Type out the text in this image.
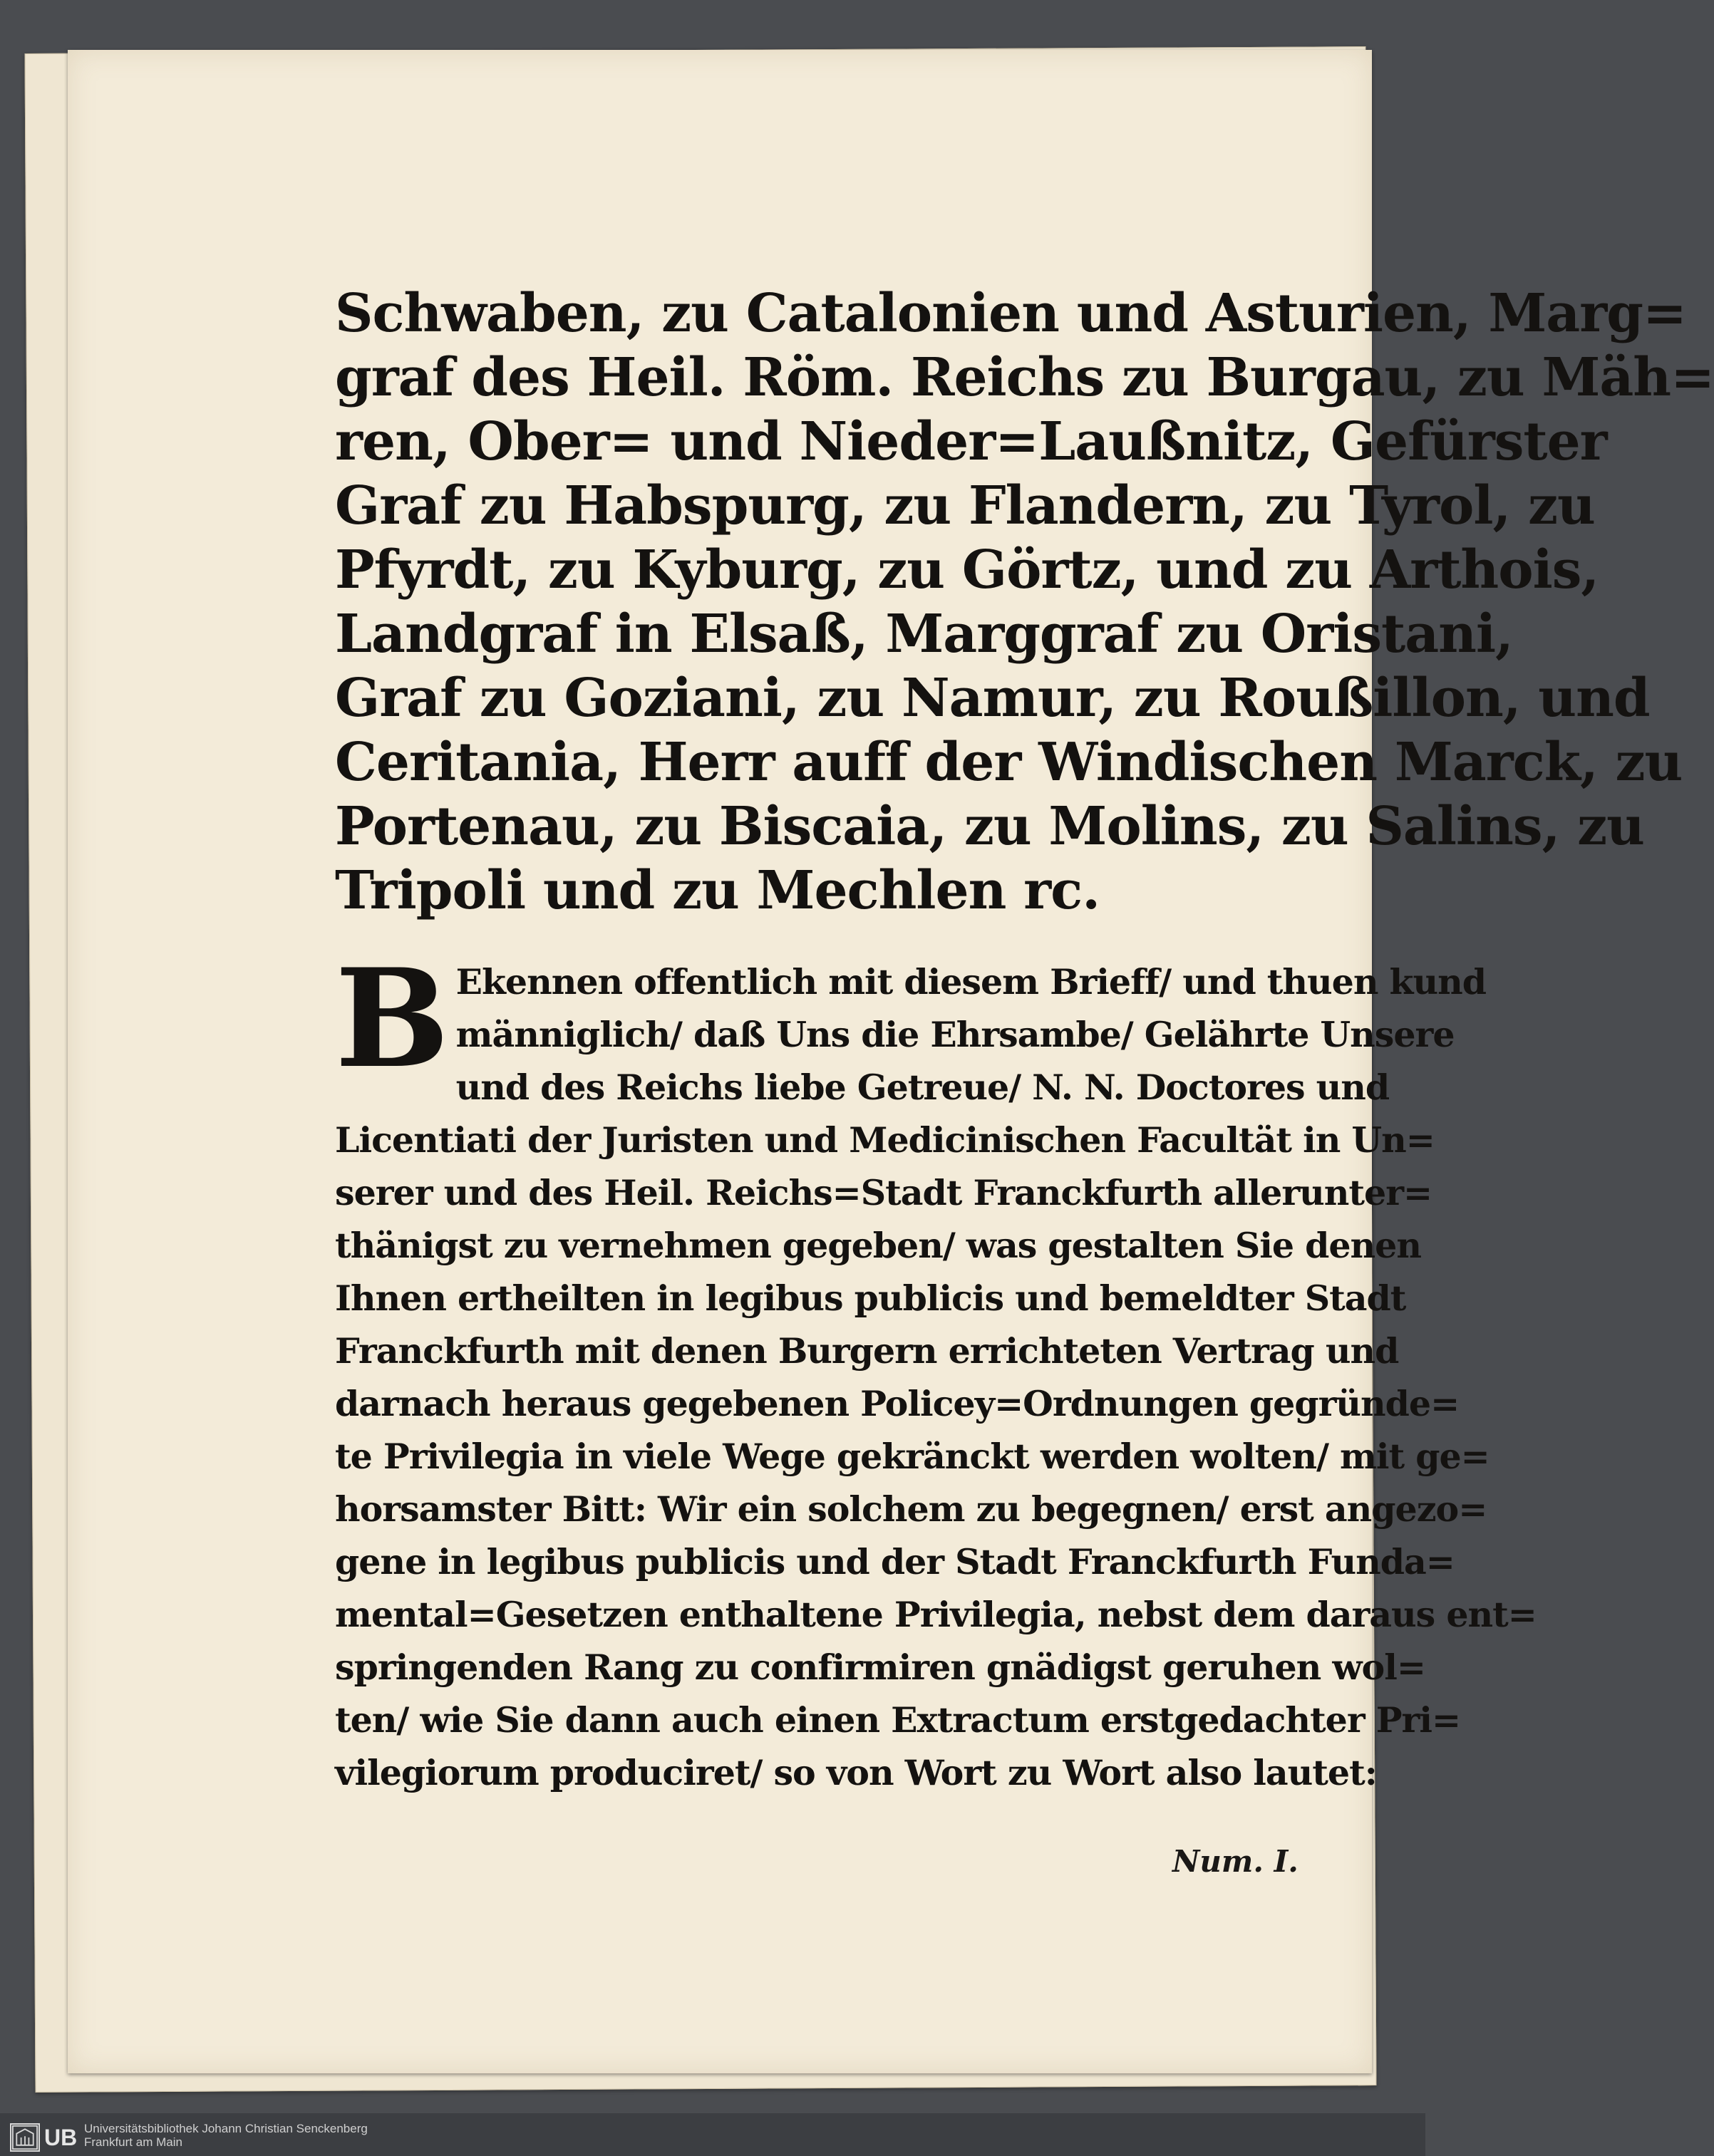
Schwaben, zu Catalonien und Asturien, Marg=
graf des Heil. Röm. Reichs zu Burgau, zu Mäh=
ren, Ober= und Nieder=Laußnitz, Gefürster
Graf zu Habspurg, zu Flandern, zu Tyrol, zu
Pfyrdt, zu Kyburg, zu Görtz, und zu Arthois,
Landgraf in Elsaß, Marggraf zu Oristani,
Graf zu Goziani, zu Namur, zu Roußillon, und
Ceritania, Herr auff der Windischen Marck, zu
Portenau, zu Biscaia, zu Molins, zu Salins, zu
Tripoli und zu Mechlen rc.
B Ekennen offentlich mit diesem Brieff/ und thuen kund
männiglich/ daß Uns die Ehrsambe/ Gelährte Unsere
und des Reichs liebe Getreue/ N. N. Doctores und
Licentiati der Juristen und Medicinischen Facultät in Un=
serer und des Heil. Reichs=Stadt Franckfurth allerunter=
thänigst zu vernehmen gegeben/ was gestalten Sie denen
Ihnen ertheilten in legibus publicis und bemeldter Stadt
Franckfurth mit denen Burgern errichteten Vertrag und
darnach heraus gegebenen Policey=Ordnungen gegründe=
te Privilegia in viele Wege gekränckt werden wolten/ mit ge=
horsamster Bitt: Wir ein solchem zu begegnen/ erst angezo=
gene in legibus publicis und der Stadt Franckfurth Funda=
mental=Gesetzen enthaltene Privilegia, nebst dem daraus ent=
springenden Rang zu confirmiren gnädigst geruhen wol=
ten/ wie Sie dann auch einen Extractum erstgedachter Pri=
vilegiorum produciret/ so von Wort zu Wort also lautet:
Num. I.
UB Universitätsbibliothek Johann Christian Senckenberg
Frankfurt am Main
